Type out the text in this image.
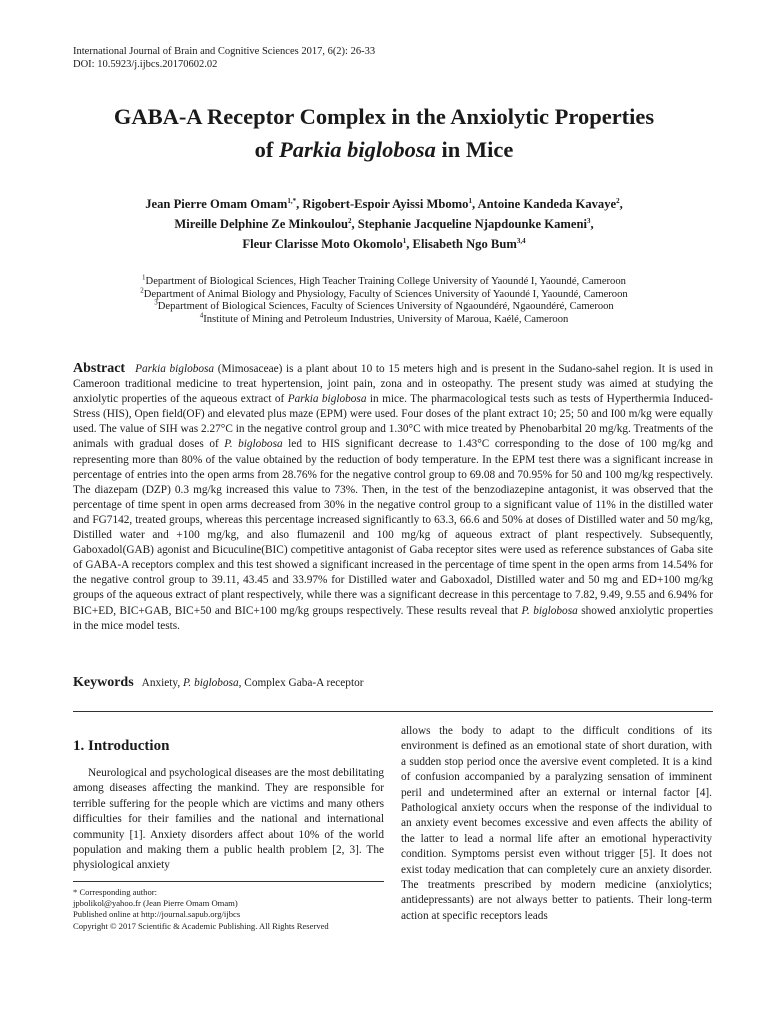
International Journal of Brain and Cognitive Sciences 2017, 6(2): 26-33
DOI: 10.5923/j.ijbcs.20170602.02
GABA-A Receptor Complex in the Anxiolytic Properties
of Parkia biglobosa in Mice
Jean Pierre Omam Omam$^{1,*}$, Rigobert-Espoir Ayissi Mbomo$^1$, Antoine Kandeda Kavaye$^2$,
Mireille Delphine Ze Minkoulou$^2$, Stephanie Jacqueline Njapdounke Kameni$^3$,
Fleur Clarisse Moto Okomolo$^1$, Elisabeth Ngo Bum$^{3,4}$
$^1$Department of Biological Sciences, High Teacher Training College University of Yaoundé I, Yaoundé, Cameroon
$^2$Department of Animal Biology and Physiology, Faculty of Sciences University of Yaoundé I, Yaoundé, Cameroon
$^3$Department of Biological Sciences, Faculty of Sciences University of Ngaoundéré, Ngaoundéré, Cameroon
$^4$Institute of Mining and Petroleum Industries, University of Maroua, Kaélé, Cameroon
Abstract Parkia biglobosa (Mimosaceae) is a plant about 10 to 15 meters high and is present in the Sudano-sahel region. It is used in Cameroon traditional medicine to treat hypertension, joint pain, zona and in osteopathy. The present study was aimed at studying the anxiolytic properties of the aqueous extract of Parkia biglobosa in mice. The pharmacological tests such as tests of Hyperthermia Induced-Stress (HIS), Open field(OF) and elevated plus maze (EPM) were used. Four doses of the plant extract 10; 25; 50 and I00 m/kg were equally used. The value of SIH was 2.27°C in the negative control group and 1.30°C with mice treated by Phenobarbital 20 mg/kg. Treatments of the animals with gradual doses of P. biglobosa led to HIS significant decrease to 1.43°C corresponding to the dose of 100 mg/kg and representing more than 80% of the value obtained by the reduction of body temperature. In the EPM test there was a significant increase in percentage of entries into the open arms from 28.76% for the negative control group to 69.08 and 70.95% for 50 and 100 mg/kg respectively. The diazepam (DZP) 0.3 mg/kg increased this value to 73%. Then, in the test of the benzodiazepine antagonist, it was observed that the percentage of time spent in open arms decreased from 30% in the negative control group to a significant value of 11% in the distilled water and FG7142, treated groups, whereas this percentage increased significantly to 63.3, 66.6 and 50% at doses of Distilled water and 50 mg/kg, Distilled water and +100 mg/kg, and also flumazenil and 100 mg/kg of aqueous extract of plant respectively. Subsequently, Gaboxadol(GAB) agonist and Bicuculine(BIC) competitive antagonist of Gaba receptor sites were used as reference substances of Gaba site of GABA-A receptors complex and this test showed a significant increased in the percentage of time spent in the open arms from 14.54% for the negative control group to 39.11, 43.45 and 33.97% for Distilled water and Gaboxadol, Distilled water and 50 mg and ED+100 mg/kg groups of the aqueous extract of plant respectively, while there was a significant decrease in this percentage to 7.82, 9.49, 9.55 and 6.94% for BIC+ED, BIC+GAB, BIC+50 and BIC+100 mg/kg groups respectively. These results reveal that P. biglobosa showed anxiolytic properties in the mice model tests.
Keywords Anxiety, P. biglobosa, Complex Gaba-A receptor
1. Introduction
Neurological and psychological diseases are the most debilitating among diseases affecting the mankind. They are responsible for terrible suffering for the people which are victims and many others difficulties for their families and the national and international community [1]. Anxiety disorders affect about 10% of the world population and making them a public health problem [2, 3]. The physiological anxiety
* Corresponding author:
jpbolikol@yahoo.fr (Jean Pierre Omam Omam)
Published online at http://journal.sapub.org/ijbcs
Copyright © 2017 Scientific & Academic Publishing. All Rights Reserved
allows the body to adapt to the difficult conditions of its environment is defined as an emotional state of short duration, with a sudden stop period once the aversive event completed. It is a kind of confusion accompanied by a paralyzing sensation of imminent peril and undetermined after an external or internal factor [4]. Pathological anxiety occurs when the response of the individual to an anxiety event becomes excessive and even affects the ability of the latter to lead a normal life after an emotional hyperactivity condition. Symptoms persist even without trigger [5]. It does not exist today medication that can completely cure an anxiety disorder. The treatments prescribed by modern medicine (anxiolytics; antidepressants) are not always better to patients. Their long-term action at specific receptors leads
